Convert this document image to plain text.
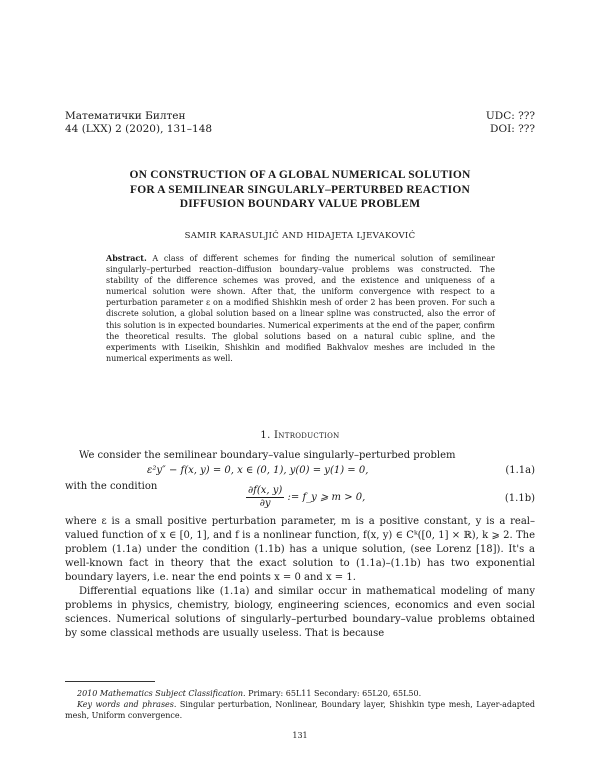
Математички Билтен
44 (LXX) 2 (2020), 131–148
UDC: ???
DOI: ???
ON CONSTRUCTION OF A GLOBAL NUMERICAL SOLUTION
FOR A SEMILINEAR SINGULARLY–PERTURBED REACTION
DIFFUSION BOUNDARY VALUE PROBLEM
SAMIR KARASULJIĆ AND HIDAJETA LJEVAKOVIĆ
Abstract. A class of different schemes for finding the numerical solution of semilinear singularly–perturbed reaction–diffusion boundary–value problems was constructed. The stability of the difference schemes was proved, and the existence and uniqueness of a numerical solution were shown. After that, the uniform convergence with respect to a perturbation parameter ε on a modified Shishkin mesh of order 2 has been proven. For such a discrete solution, a global solution based on a linear spline was constructed, also the error of this solution is in expected boundaries. Numerical experiments at the end of the paper, confirm the theoretical results. The global solutions based on a natural cubic spline, and the experiments with Liseikin, Shishkin and modified Bakhvalov meshes are included in the numerical experiments as well.
1. Introduction
We consider the semilinear boundary–value singularly–perturbed problem
ε²y″ − f(x, y) = 0, x ∈ (0, 1), y(0) = y(1) = 0,	(1.1a)
with the condition	$\frac{\partial f(x, y)}{\partial y}$ := f_y ⩾ m > 0,	(1.1b)
where ε is a small positive perturbation parameter, m is a positive constant, y is a real–valued function of x ∈ [0, 1], and f is a nonlinear function, f(x, y) ∈ Cᵏ([0, 1] × ℝ), k ⩾ 2. The problem (1.1a) under the condition (1.1b) has a unique solution, (see Lorenz [18]). It's a well-known fact in theory that the exact solution to (1.1a)–(1.1b) has two exponential boundary layers, i.e. near the end points x = 0 and x = 1.
Differential equations like (1.1a) and similar occur in mathematical modeling of many problems in physics, chemistry, biology, engineering sciences, economics and even social sciences. Numerical solutions of singularly–perturbed boundary–value problems obtained by some classical methods are usually useless. That is because
2010 Mathematics Subject Classification. Primary: 65L11 Secondary: 65L20, 65L50.
Key words and phrases. Singular perturbation, Nonlinear, Boundary layer, Shishkin type mesh, Layer-adapted mesh, Uniform convergence.
131
